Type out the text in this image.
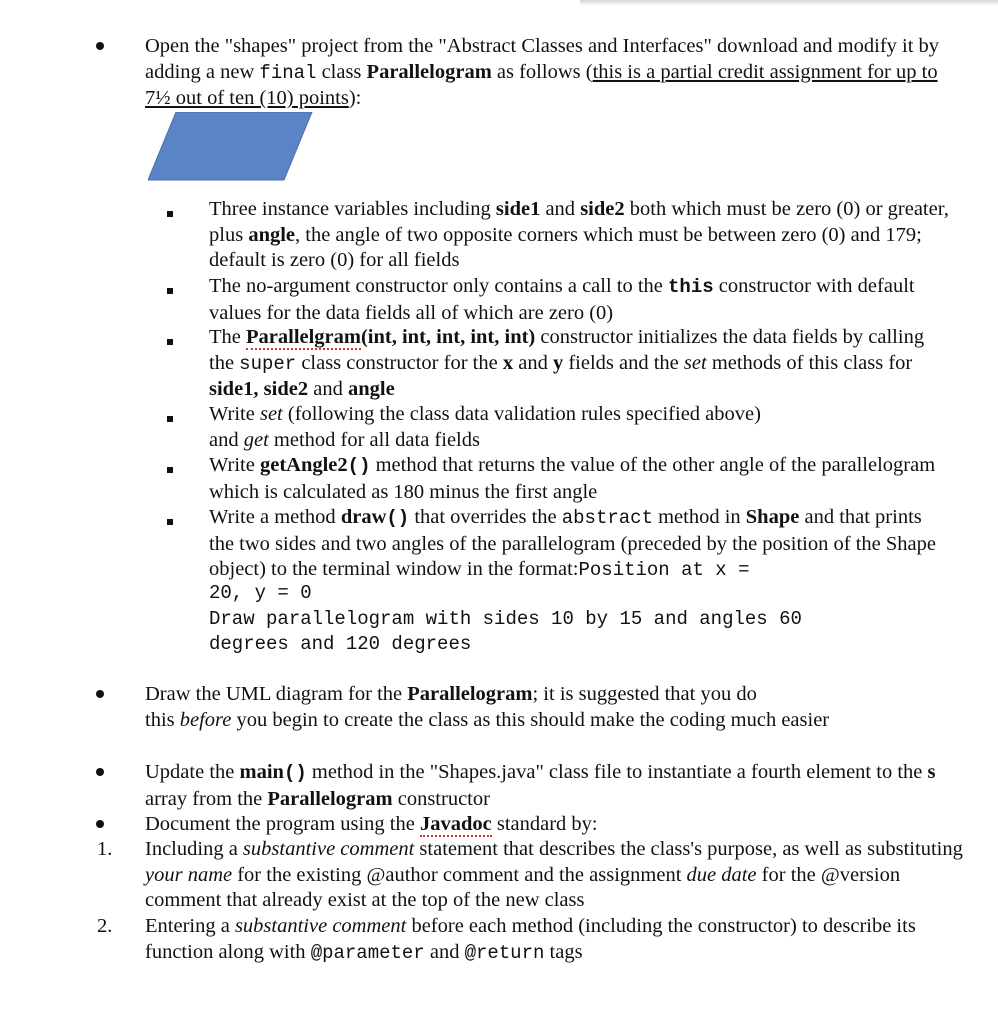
Open the "shapes" project from the "Abstract Classes and Interfaces" download and modify it by adding a new final class Parallelogram as follows (this is a partial credit assignment for up to 7½ out of ten (10) points):
Three instance variables including side1 and side2 both which must be zero (0) or greater, plus angle, the angle of two opposite corners which must be between zero (0) and 179; default is zero (0) for all fields
The no-argument constructor only contains a call to the this constructor with default values for the data fields all of which are zero (0)
The Parallelgram(int, int, int, int, int) constructor initializes the data fields by calling the super class constructor for the x and y fields and the set methods of this class for side1, side2 and angle
Write set (following the class data validation rules specified above)
and get method for all data fields
Write getAngle2() method that returns the value of the other angle of the parallelogram which is calculated as 180 minus the first angle
Write a method draw() that overrides the abstract method in Shape and that prints the two sides and two angles of the parallelogram (preceded by the position of the Shape object) to the terminal window in the format:Position at x =
20, y = 0
Draw parallelogram with sides 10 by 15 and angles 60
degrees and 120 degrees
Draw the UML diagram for the Parallelogram; it is suggested that you do
this before you begin to create the class as this should make the coding much easier
Update the main() method in the "Shapes.java" class file to instantiate a fourth element to the s array from the Parallelogram constructor
Document the program using the Javadoc standard by:
1. Including a substantive comment statement that describes the class's purpose, as well as substituting your name for the existing @author comment and the assignment due date for the @version comment that already exist at the top of the new class
2. Entering a substantive comment before each method (including the constructor) to describe its function along with @parameter and @return tags
